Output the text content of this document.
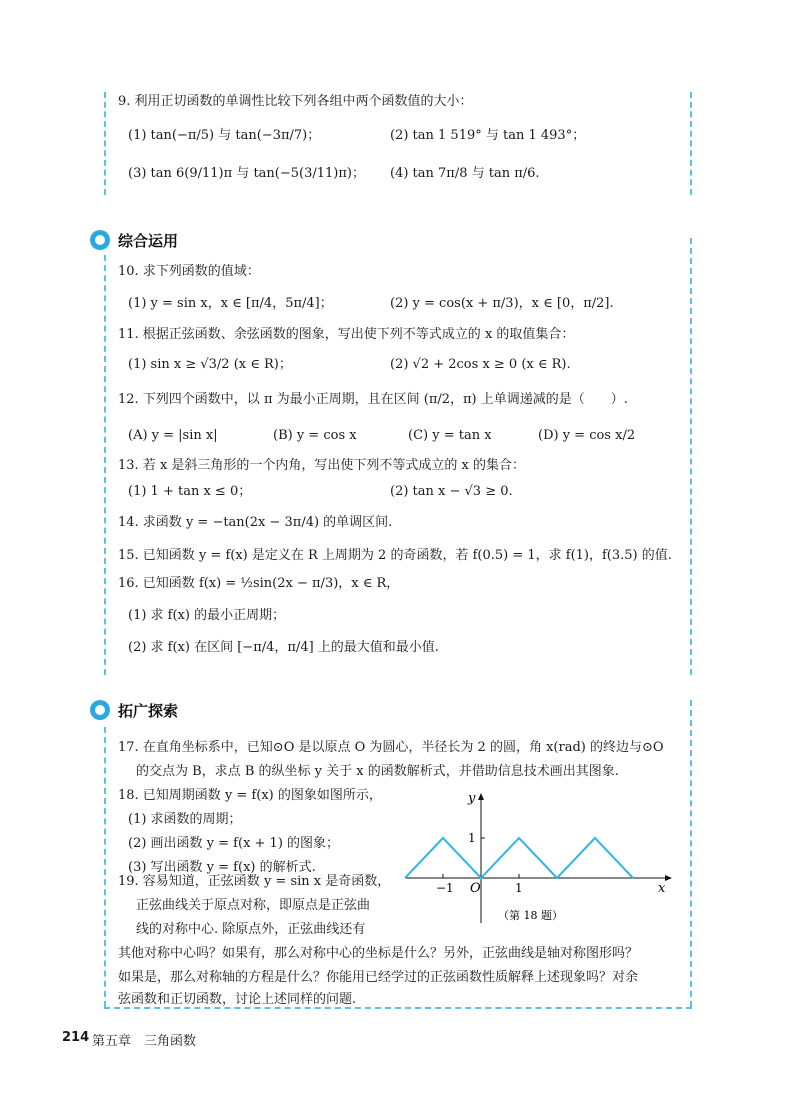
9. 利用正切函数的单调性比较下列各组中两个函数值的大小：
(1) tan(−π/5) 与 tan(−3π/7)；	(2) tan 1 519° 与 tan 1 493°；
(3) tan 6(9/11)π 与 tan(−5(3/11)π)； (4) tan 7π/8 与 tan π/6.
综合运用
10. 求下列函数的值域：
(1) y = sin x，x ∈ [π/4，5π/4]；	(2) y = cos(x + π/3)，x ∈ [0，π/2].
11. 根据正弦函数、余弦函数的图象，写出使下列不等式成立的 x 的取值集合：
(1) sin x ≥ √3/2 (x ∈ R)；	(2) √2 + 2cos x ≥ 0 (x ∈ R).
12. 下列四个函数中，以 π 为最小正周期，且在区间 (π/2，π) 上单调递减的是（　　）.
(A) y = |sin x|	(B) y = cos x	(C) y = tan x	(D) y = cos x/2
13. 若 x 是斜三角形的一个内角，写出使下列不等式成立的 x 的集合：
(1) 1 + tan x ≤ 0；	(2) tan x − √3 ≥ 0.
14. 求函数 y = −tan(2x − 3π/4) 的单调区间.
15. 已知函数 y = f(x) 是定义在 R 上周期为 2 的奇函数，若 f(0.5) = 1，求 f(1)，f(3.5) 的值.
16. 已知函数 f(x) = ½sin(2x − π/3)，x ∈ R，
(1) 求 f(x) 的最小正周期；
(2) 求 f(x) 在区间 [−π/4，π/4] 上的最大值和最小值.
拓广探索
17. 在直角坐标系中，已知⊙O 是以原点 O 为圆心，半径长为 2 的圆，角 x(rad) 的终边与⊙O
的交点为 B，求点 B 的纵坐标 y 关于 x 的函数解析式，并借助信息技术画出其图象.
18. 已知周期函数 y = f(x) 的图象如图所示，
(1) 求函数的周期；
(2) 画出函数 y = f(x + 1) 的图象；
(3) 写出函数 y = f(x) 的解析式.
19. 容易知道，正弦函数 y = sin x 是奇函数，
正弦曲线关于原点对称，即原点是正弦曲
线的对称中心. 除原点外，正弦曲线还有
其他对称中心吗？如果有，那么对称中心的坐标是什么？另外，正弦曲线是轴对称图形吗？
如果是，那么对称轴的方程是什么？你能用已经学过的正弦函数性质解释上述现象吗？对余
弦函数和正切函数，讨论上述同样的问题.
y
1
−1 O	1	x
（第 18 题）
214 第五章　三角函数
